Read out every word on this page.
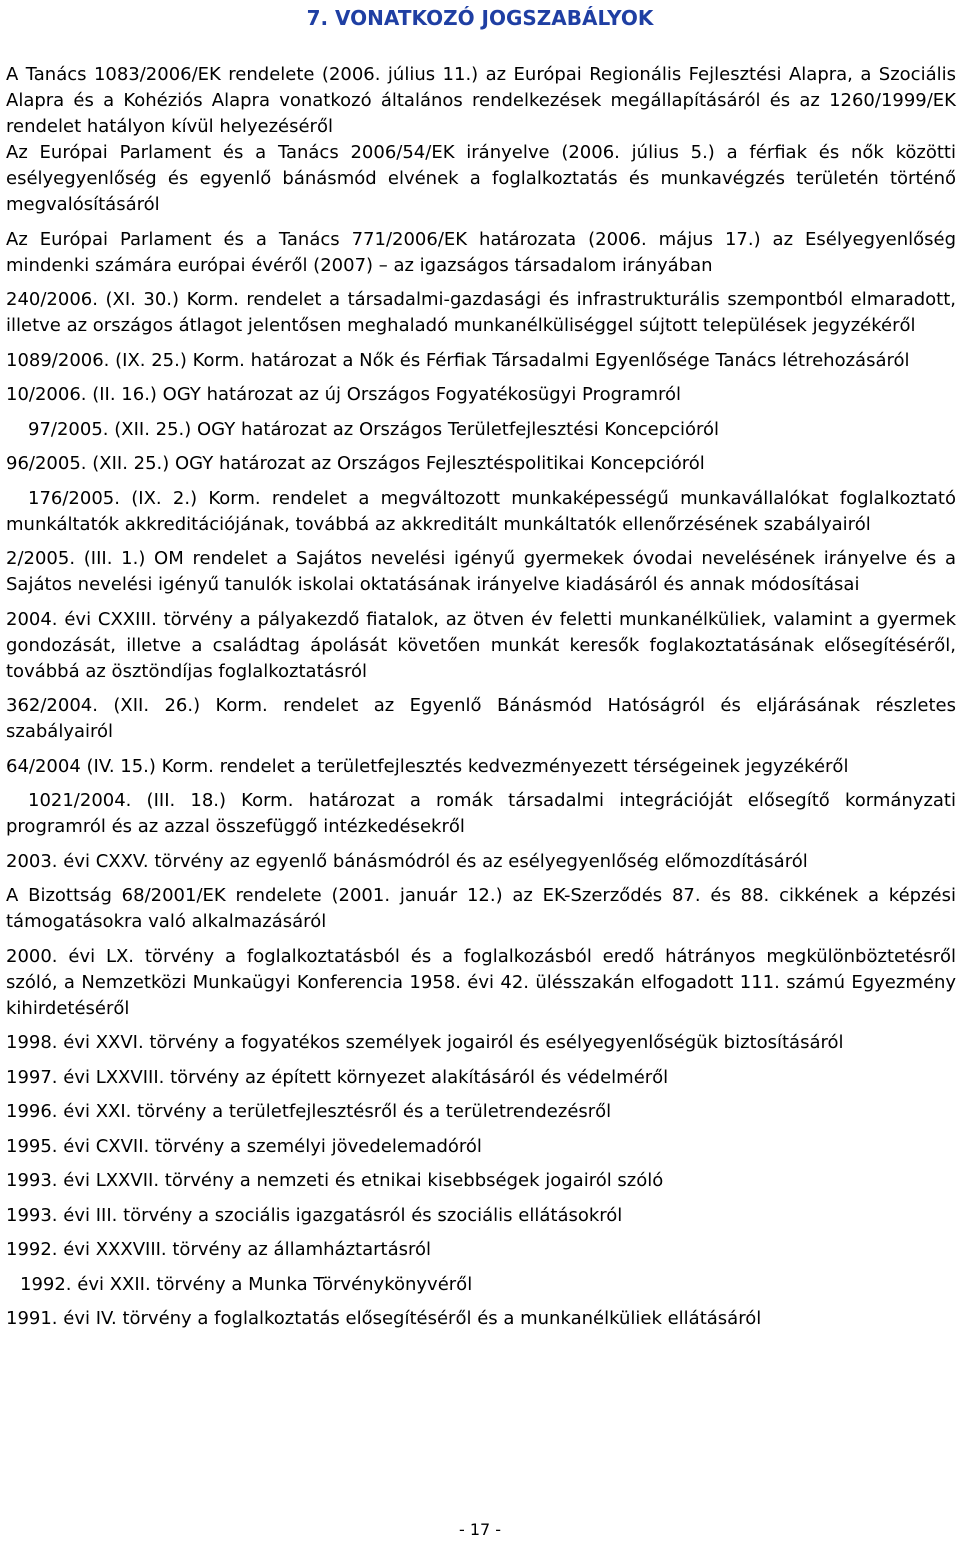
7. VONATKOZÓ JOGSZABÁLYOK

A Tanács 1083/2006/EK rendelete (2006. július 11.) az Európai Regionális Fejlesztési Alapra, a Szociális Alapra és a Kohéziós Alapra vonatkozó általános rendelkezések megállapításáról és az 1260/1999/EK rendelet hatályon kívül helyezéséről

Az Európai Parlament és a Tanács 2006/54/EK irányelve (2006. július 5.) a férfiak és nők közötti esélyegyenlőség és egyenlő bánásmód elvének a foglalkoztatás és munkavégzés területén történő megvalósításáról

Az Európai Parlament és a Tanács 771/2006/EK határozata (2006. május 17.) az Esélyegyenlőség mindenki számára európai évéről (2007) – az igazságos társadalom irányában

240/2006. (XI. 30.) Korm. rendelet a társadalmi-gazdasági és infrastrukturális szempontból elmaradott, illetve az országos átlagot jelentősen meghaladó munkanélküliséggel sújtott települések jegyzékéről

1089/2006. (IX. 25.) Korm. határozat a Nők és Férfiak Társadalmi Egyenlősége Tanács létrehozásáról

10/2006. (II. 16.) OGY határozat az új Országos Fogyatékosügyi Programról

97/2005. (XII. 25.) OGY határozat az Országos Területfejlesztési Koncepcióról

96/2005. (XII. 25.) OGY határozat az Országos Fejlesztéspolitikai Koncepcióról

176/2005. (IX. 2.) Korm. rendelet a megváltozott munkaképességű munkavállalókat foglalkoztató munkáltatók akkreditációjának, továbbá az akkreditált munkáltatók ellenőrzésének szabályairól

2/2005. (III. 1.) OM rendelet a Sajátos nevelési igényű gyermekek óvodai nevelésének irányelve és a Sajátos nevelési igényű tanulók iskolai oktatásának irányelve kiadásáról és annak módosításai

2004. évi CXXIII. törvény a pályakezdő fiatalok, az ötven év feletti munkanélküliek, valamint a gyermek gondozását, illetve a családtag ápolását követően munkát keresők foglakoztatásának elősegítéséről, továbbá az ösztöndíjas foglalkoztatásról

362/2004. (XII. 26.) Korm. rendelet az Egyenlő Bánásmód Hatóságról és eljárásának részletes szabályairól

64/2004 (IV. 15.) Korm. rendelet a területfejlesztés kedvezményezett térségeinek jegyzékéről

1021/2004. (III. 18.) Korm. határozat a romák társadalmi integrációját elősegítő kormányzati programról és az azzal összefüggő intézkedésekről

2003. évi CXXV. törvény az egyenlő bánásmódról és az esélyegyenlőség előmozdításáról

A Bizottság 68/2001/EK rendelete (2001. január 12.) az EK-Szerződés 87. és 88. cikkének a képzési támogatásokra való alkalmazásáról

2000. évi LX. törvény a foglalkoztatásból és a foglalkozásból eredő hátrányos megkülönböztetésről szóló, a Nemzetközi Munkaügyi Konferencia 1958. évi 42. ülésszakán elfogadott 111. számú Egyezmény kihirdetéséről

1998. évi XXVI. törvény a fogyatékos személyek jogairól és esélyegyenlőségük biztosításáról

1997. évi LXXVIII. törvény az épített környezet alakításáról és védelméről

1996. évi XXI. törvény a területfejlesztésről és a területrendezésről

1995. évi CXVII. törvény a személyi jövedelemadóról

1993. évi LXXVII. törvény a nemzeti és etnikai kisebbségek jogairól szóló

1993. évi III. törvény a szociális igazgatásról és szociális ellátásokról

1992. évi XXXVIII. törvény az államháztartásról

1992. évi XXII. törvény a Munka Törvénykönyvéről

1991. évi IV. törvény a foglalkoztatás elősegítéséről és a munkanélküliek ellátásáról

- 17 -
